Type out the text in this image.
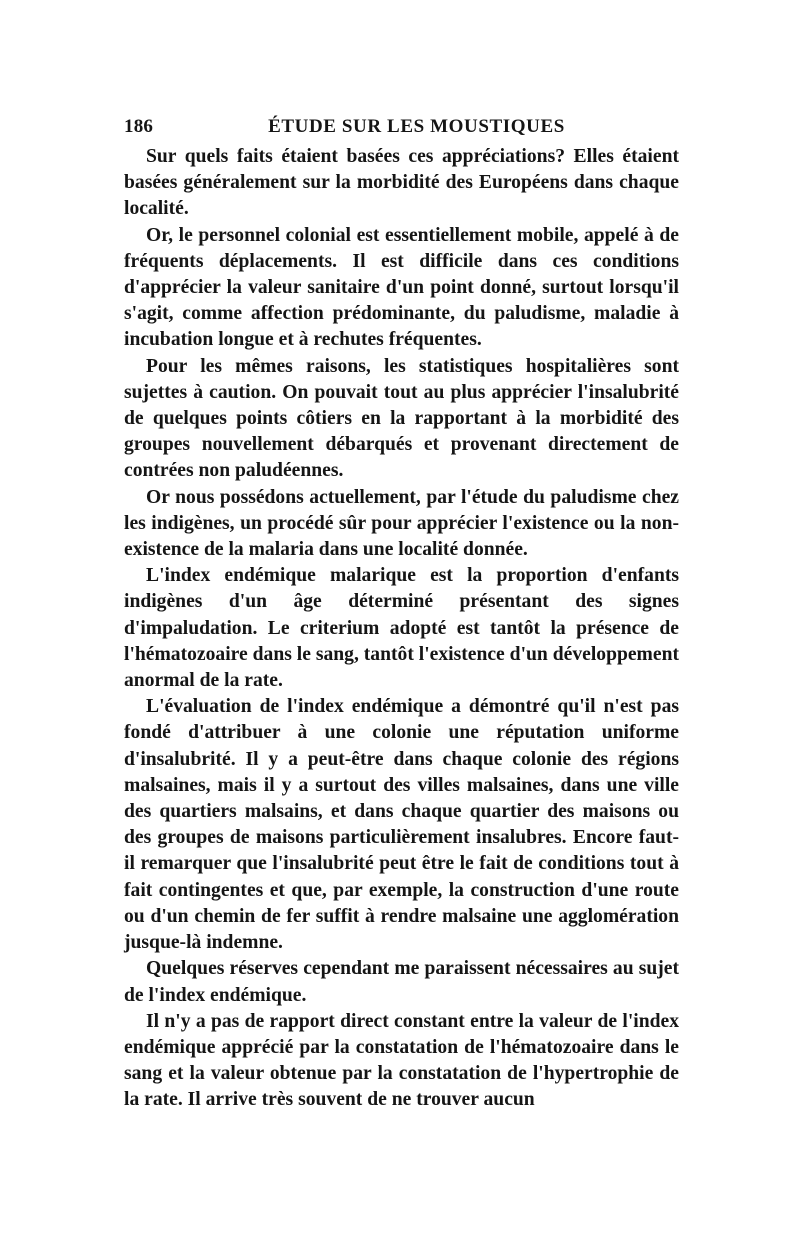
186	ÉTUDE SUR LES MOUSTIQUES

Sur quels faits étaient basées ces appréciations? Elles étaient basées généralement sur la morbidité des Européens dans chaque localité.

Or, le personnel colonial est essentiellement mobile, appelé à de fréquents déplacements. Il est difficile dans ces conditions d'apprécier la valeur sanitaire d'un point donné, surtout lorsqu'il s'agit, comme affection prédominante, du paludisme, maladie à incubation longue et à rechutes fréquentes.

Pour les mêmes raisons, les statistiques hospitalières sont sujettes à caution. On pouvait tout au plus apprécier l'insalubrité de quelques points côtiers en la rapportant à la morbidité des groupes nouvellement débarqués et provenant directement de contrées non paludéennes.

Or nous possédons actuellement, par l'étude du paludisme chez les indigènes, un procédé sûr pour apprécier l'existence ou la non-existence de la malaria dans une localité donnée.

L'index endémique malarique est la proportion d'enfants indigènes d'un âge déterminé présentant des signes d'impaludation. Le criterium adopté est tantôt la présence de l'hématozoaire dans le sang, tantôt l'existence d'un développement anormal de la rate.

L'évaluation de l'index endémique a démontré qu'il n'est pas fondé d'attribuer à une colonie une réputation uniforme d'insalubrité. Il y a peut-être dans chaque colonie des régions malsaines, mais il y a surtout des villes malsaines, dans une ville des quartiers malsains, et dans chaque quartier des maisons ou des groupes de maisons particulièrement insalubres. Encore faut-il remarquer que l'insalubrité peut être le fait de conditions tout à fait contingentes et que, par exemple, la construction d'une route ou d'un chemin de fer suffit à rendre malsaine une agglomération jusque-là indemne.

Quelques réserves cependant me paraissent nécessaires au sujet de l'index endémique.

Il n'y a pas de rapport direct constant entre la valeur de l'index endémique apprécié par la constatation de l'hématozoaire dans le sang et la valeur obtenue par la constatation de l'hypertrophie de la rate. Il arrive très souvent de ne trouver aucun
